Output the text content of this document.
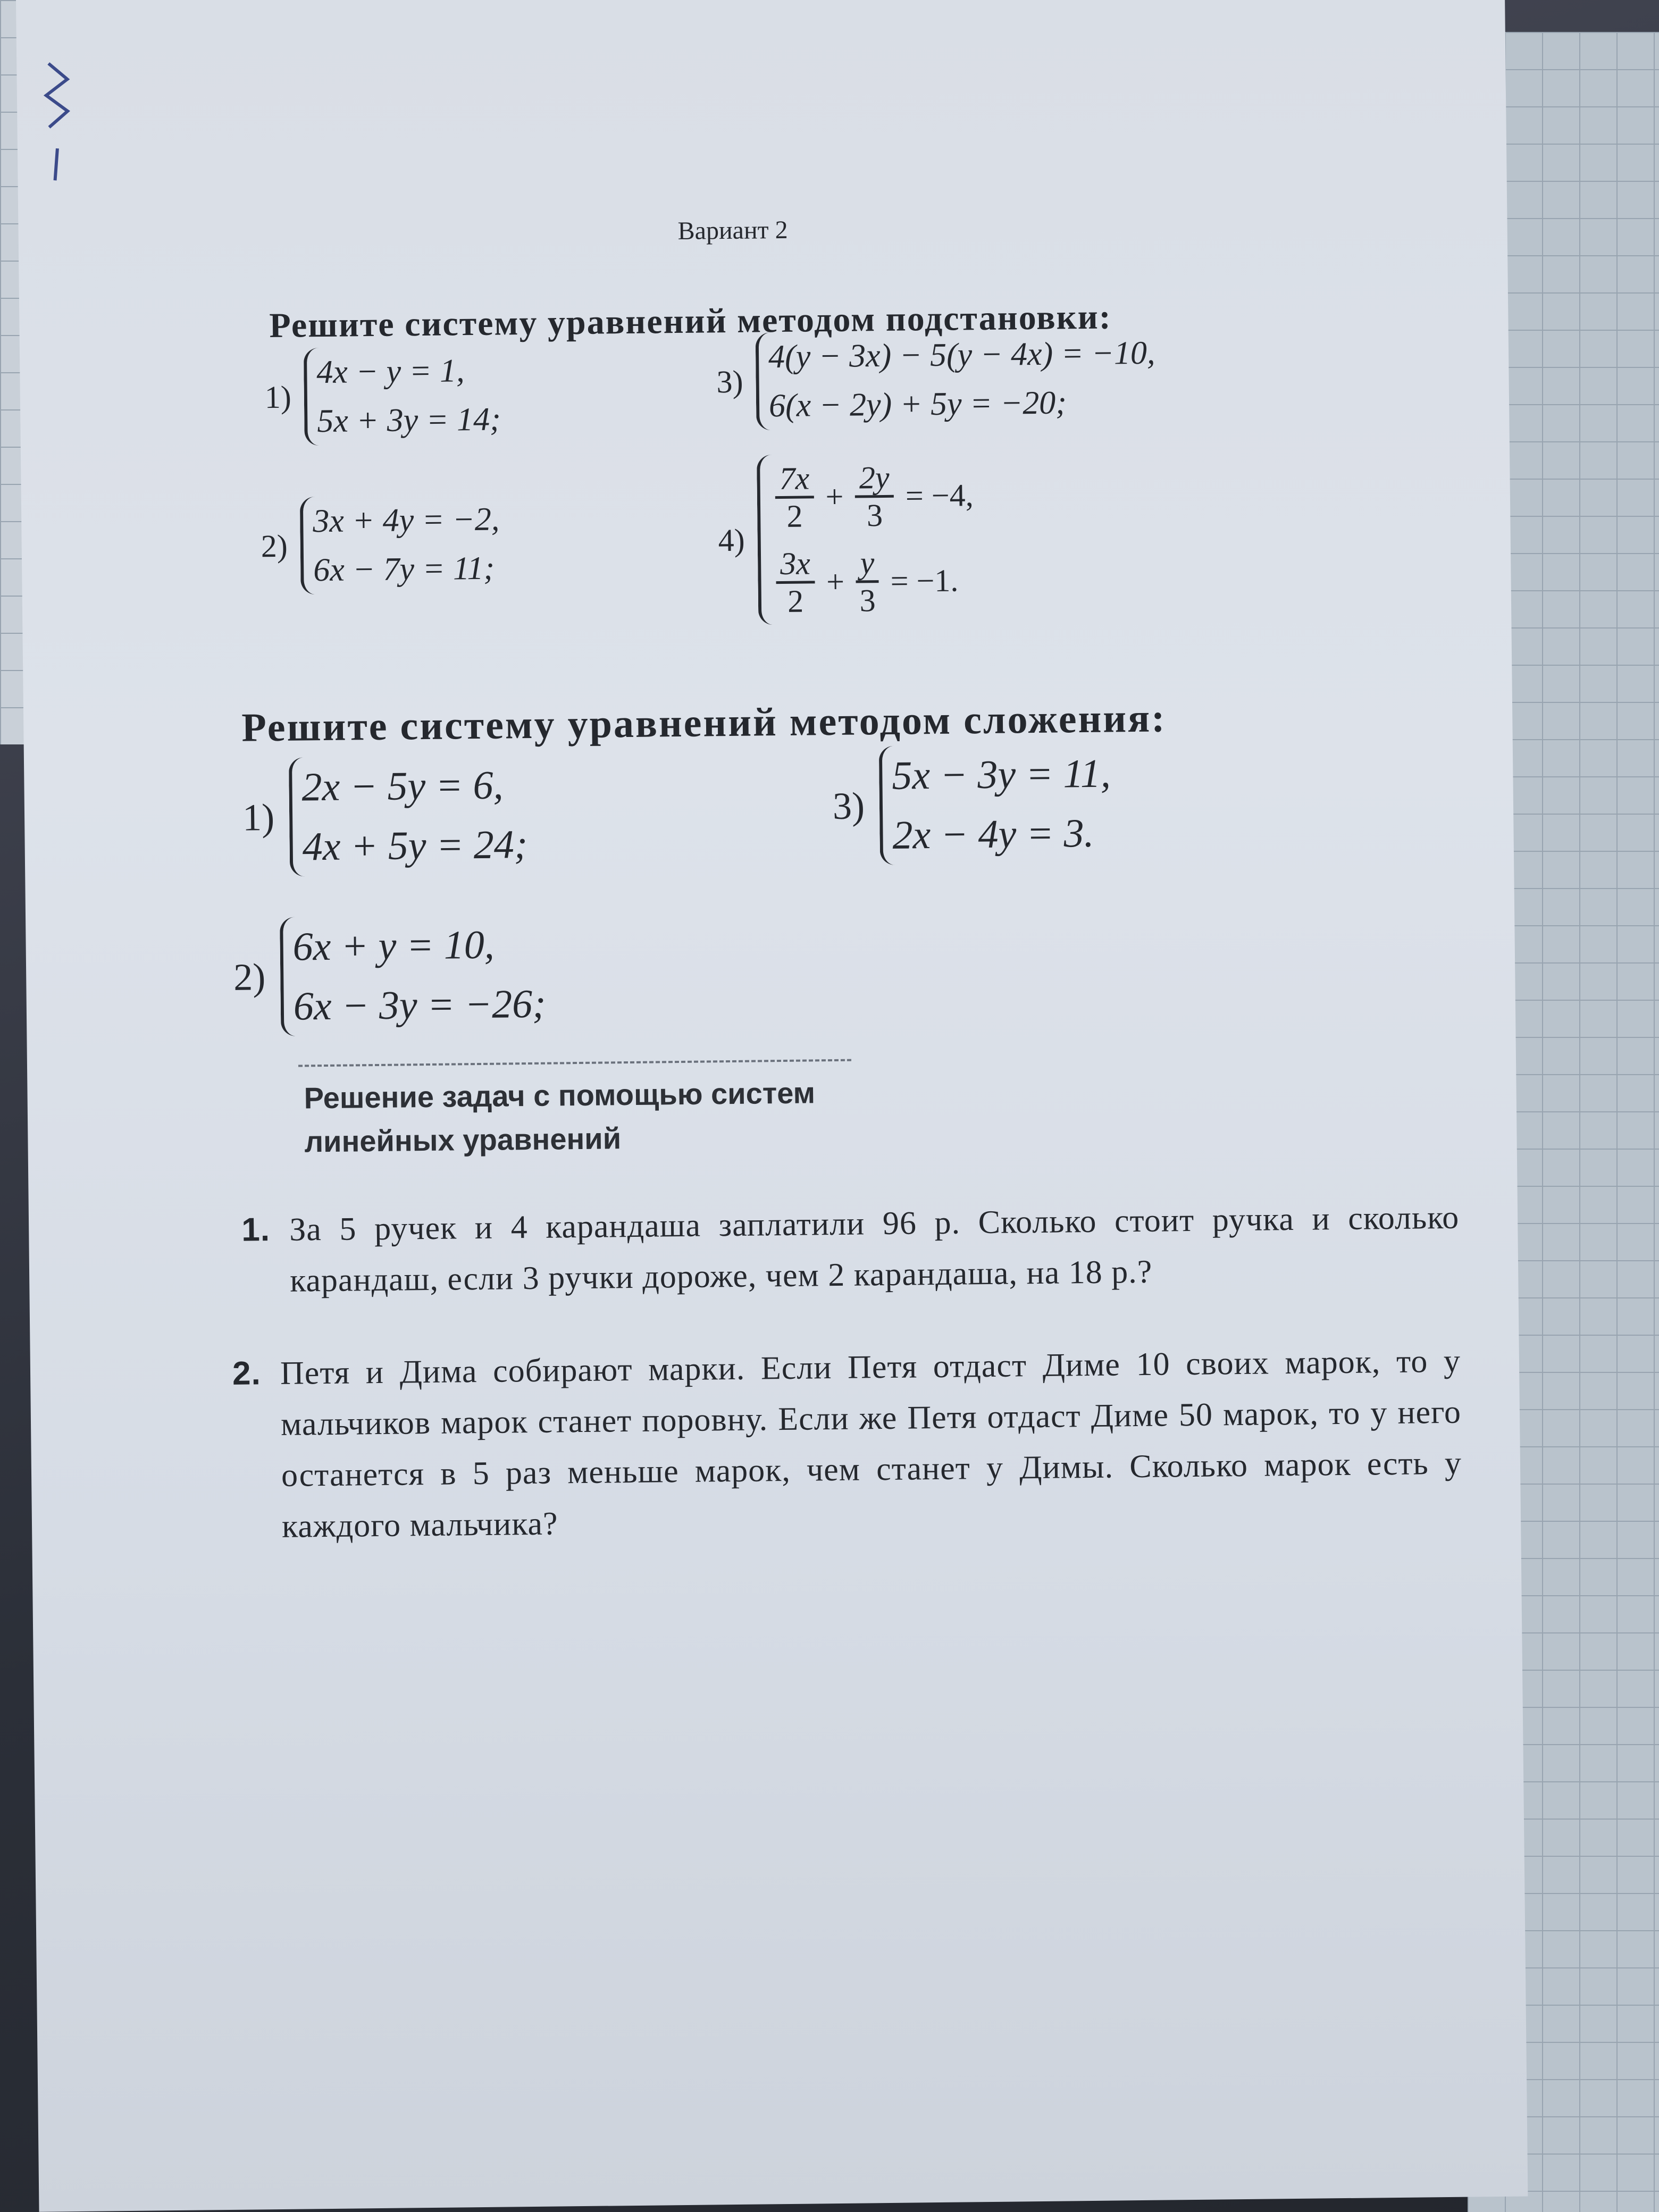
Вариант 2
Решите систему уравнений методом подстановки:
1)
4x − y = 1,
5x + 3y = 14;
2)
3x + 4y = −2,
6x − 7y = 11;
3)
4(y − 3x) − 5(y − 4x) = −10,
6(x − 2y) + 5y = −20;
4)
$\frac{7x}{2} + \frac{2y}{3} = -4$,
$\frac{3x}{2} + \frac{y}{3} = -1$.
Решите систему уравнений методом сложения:
1)
2x − 5y = 6,
4x + 5y = 24;
2)
6x + y = 10,
6x − 3y = −26;
3)
5x − 3y = 11,
2x − 4y = 3.
Решение задач с помощью систем
линейных уравнений
1. За 5 ручек и 4 карандаша заплатили 96 р. Сколько стоит ручка и сколько карандаш, если 3 ручки дороже, чем 2 карандаша, на 18 р.?
2. Петя и Дима собирают марки. Если Петя отдаст Диме 10 своих марок, то у мальчиков марок станет поровну. Если же Петя отдаст Диме 50 марок, то у него останется в 5 раз меньше марок, чем станет у Димы. Сколько марок есть у каждого мальчика?
